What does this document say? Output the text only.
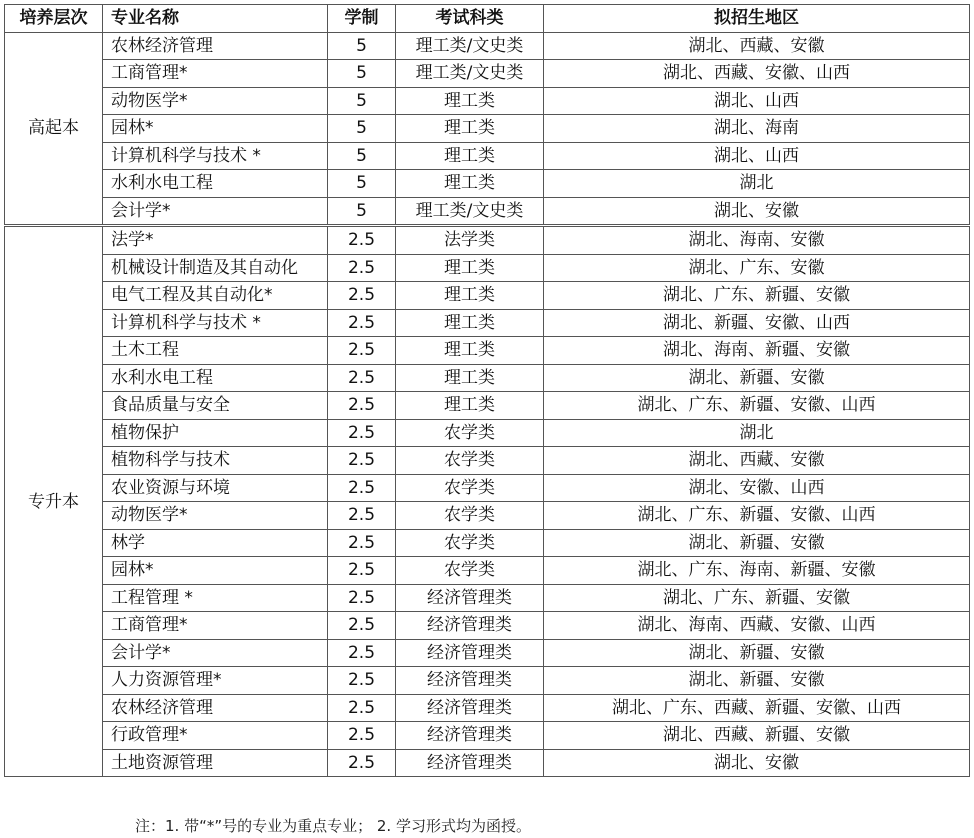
培养层次	专业名称	学制	考试科类	拟招生地区
高起本	农林经济管理	5	理工类/文史类	湖北、西藏、安徽
	工商管理*	5	理工类/文史类	湖北、西藏、安徽、山西
	动物医学*	5	理工类	湖北、山西
	园林*	5	理工类	湖北、海南
	计算机科学与技术 *	5	理工类	湖北、山西
	水利水电工程	5	理工类	湖北
	会计学*	5	理工类/文史类	湖北、安徽
专升本	法学*	2.5	法学类	湖北、海南、安徽
	机械设计制造及其自动化	2.5	理工类	湖北、广东、安徽
	电气工程及其自动化*	2.5	理工类	湖北、广东、新疆、安徽
	计算机科学与技术 *	2.5	理工类	湖北、新疆、安徽、山西
	土木工程	2.5	理工类	湖北、海南、新疆、安徽
	水利水电工程	2.5	理工类	湖北、新疆、安徽
	食品质量与安全	2.5	理工类	湖北、广东、新疆、安徽、山西
	植物保护	2.5	农学类	湖北
	植物科学与技术	2.5	农学类	湖北、西藏、安徽
	农业资源与环境	2.5	农学类	湖北、安徽、山西
	动物医学*	2.5	农学类	湖北、广东、新疆、安徽、山西
	林学	2.5	农学类	湖北、新疆、安徽
	园林*	2.5	农学类	湖北、广东、海南、新疆、安徽
	工程管理 *	2.5	经济管理类	湖北、广东、新疆、安徽
	工商管理*	2.5	经济管理类	湖北、海南、西藏、安徽、山西
	会计学*	2.5	经济管理类	湖北、新疆、安徽
	人力资源管理*	2.5	经济管理类	湖北、新疆、安徽
	农林经济管理	2.5	经济管理类	湖北、广东、西藏、新疆、安徽、山西
	行政管理*	2.5	经济管理类	湖北、西藏、新疆、安徽
	土地资源管理	2.5	经济管理类	湖北、安徽
注：1. 带“*”号的专业为重点专业； 2. 学习形式均为函授。
